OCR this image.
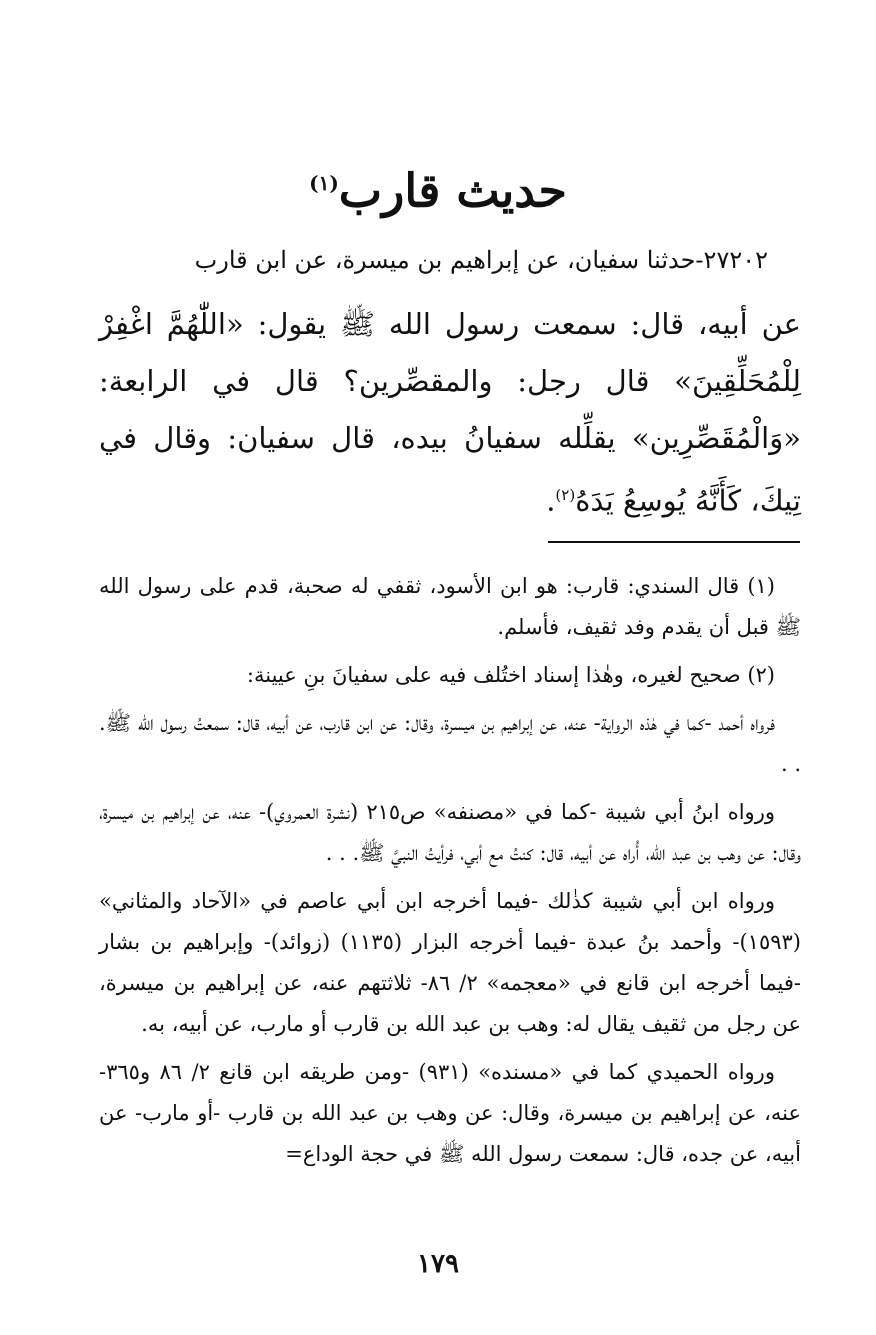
حديث قارب$^{(١)}$
٢٧٢٠٢-حدثنا سفيان، عن إبراهيم بن ميسرة، عن ابن قارب
عن أبيه، قال: سمعت رسول الله ﷺ يقول: «اللّٰهُمَّ اغْفِرْ لِلْمُحَلِّقِينَ» قال رجل: والمقصِّرين؟ قال في الرابعة: «وَالْمُقَصِّرِين» يقلِّله سفيانُ بيده، قال سفيان: وقال في تِيكَ، كَأَنَّهُ يُوسِعُ يَدَهُ$^{(٢)}$.

(١) قال السندي: قارب: هو ابن الأسود، ثقفي له صحبة، قدم على رسول الله ﷺ قبل أن يقدم وفد ثقيف، فأسلم.

(٢) صحيح لغيره، وهٰذا إسناد اختُلف فيه على سفيانَ بنِ عيينة:

فرواه أحمد -كما في هٰذه الرواية- عنه، عن إبراهيم بن ميسرة، وقال: عن ابن قارب، عن أبيه، قال: سمعتُ رسول الله ﷺ. . .

ورواه ابنُ أبي شيبة -كما في «مصنفه» ص٢١٥ (نشرة العمروي)- عنه، عن إبراهيم بن ميسرة، وقال: عن وهب بن عبد الله، أُراه عن أبيه، قال: كنتُ مع أبي، فرأيتُ النبيَّ ﷺ. . .

ورواه ابن أبي شيبة كذٰلك -فيما أخرجه ابن أبي عاصم في «الآحاد والمثاني» (١٥٩٣)- وأحمد بنُ عبدة -فيما أخرجه البزار (١١٣٥) (زوائد)- وإبراهيم بن بشار -فيما أخرجه ابن قانع في «معجمه» ٢/ ٨٦- ثلاثتهم عنه، عن إبراهيم بن ميسرة، عن رجل من ثقيف يقال له: وهب بن عبد الله بن قارب أو مارب، عن أبيه، به.

ورواه الحميدي كما في «مسنده» (٩٣١) -ومن طريقه ابن قانع ٢/ ٨٦ و٣٦٥- عنه، عن إبراهيم بن ميسرة، وقال: عن وهب بن عبد الله بن قارب -أو مارب- عن أبيه، عن جده، قال: سمعت رسول الله ﷺ في حجة الوداع=

١٧٩
